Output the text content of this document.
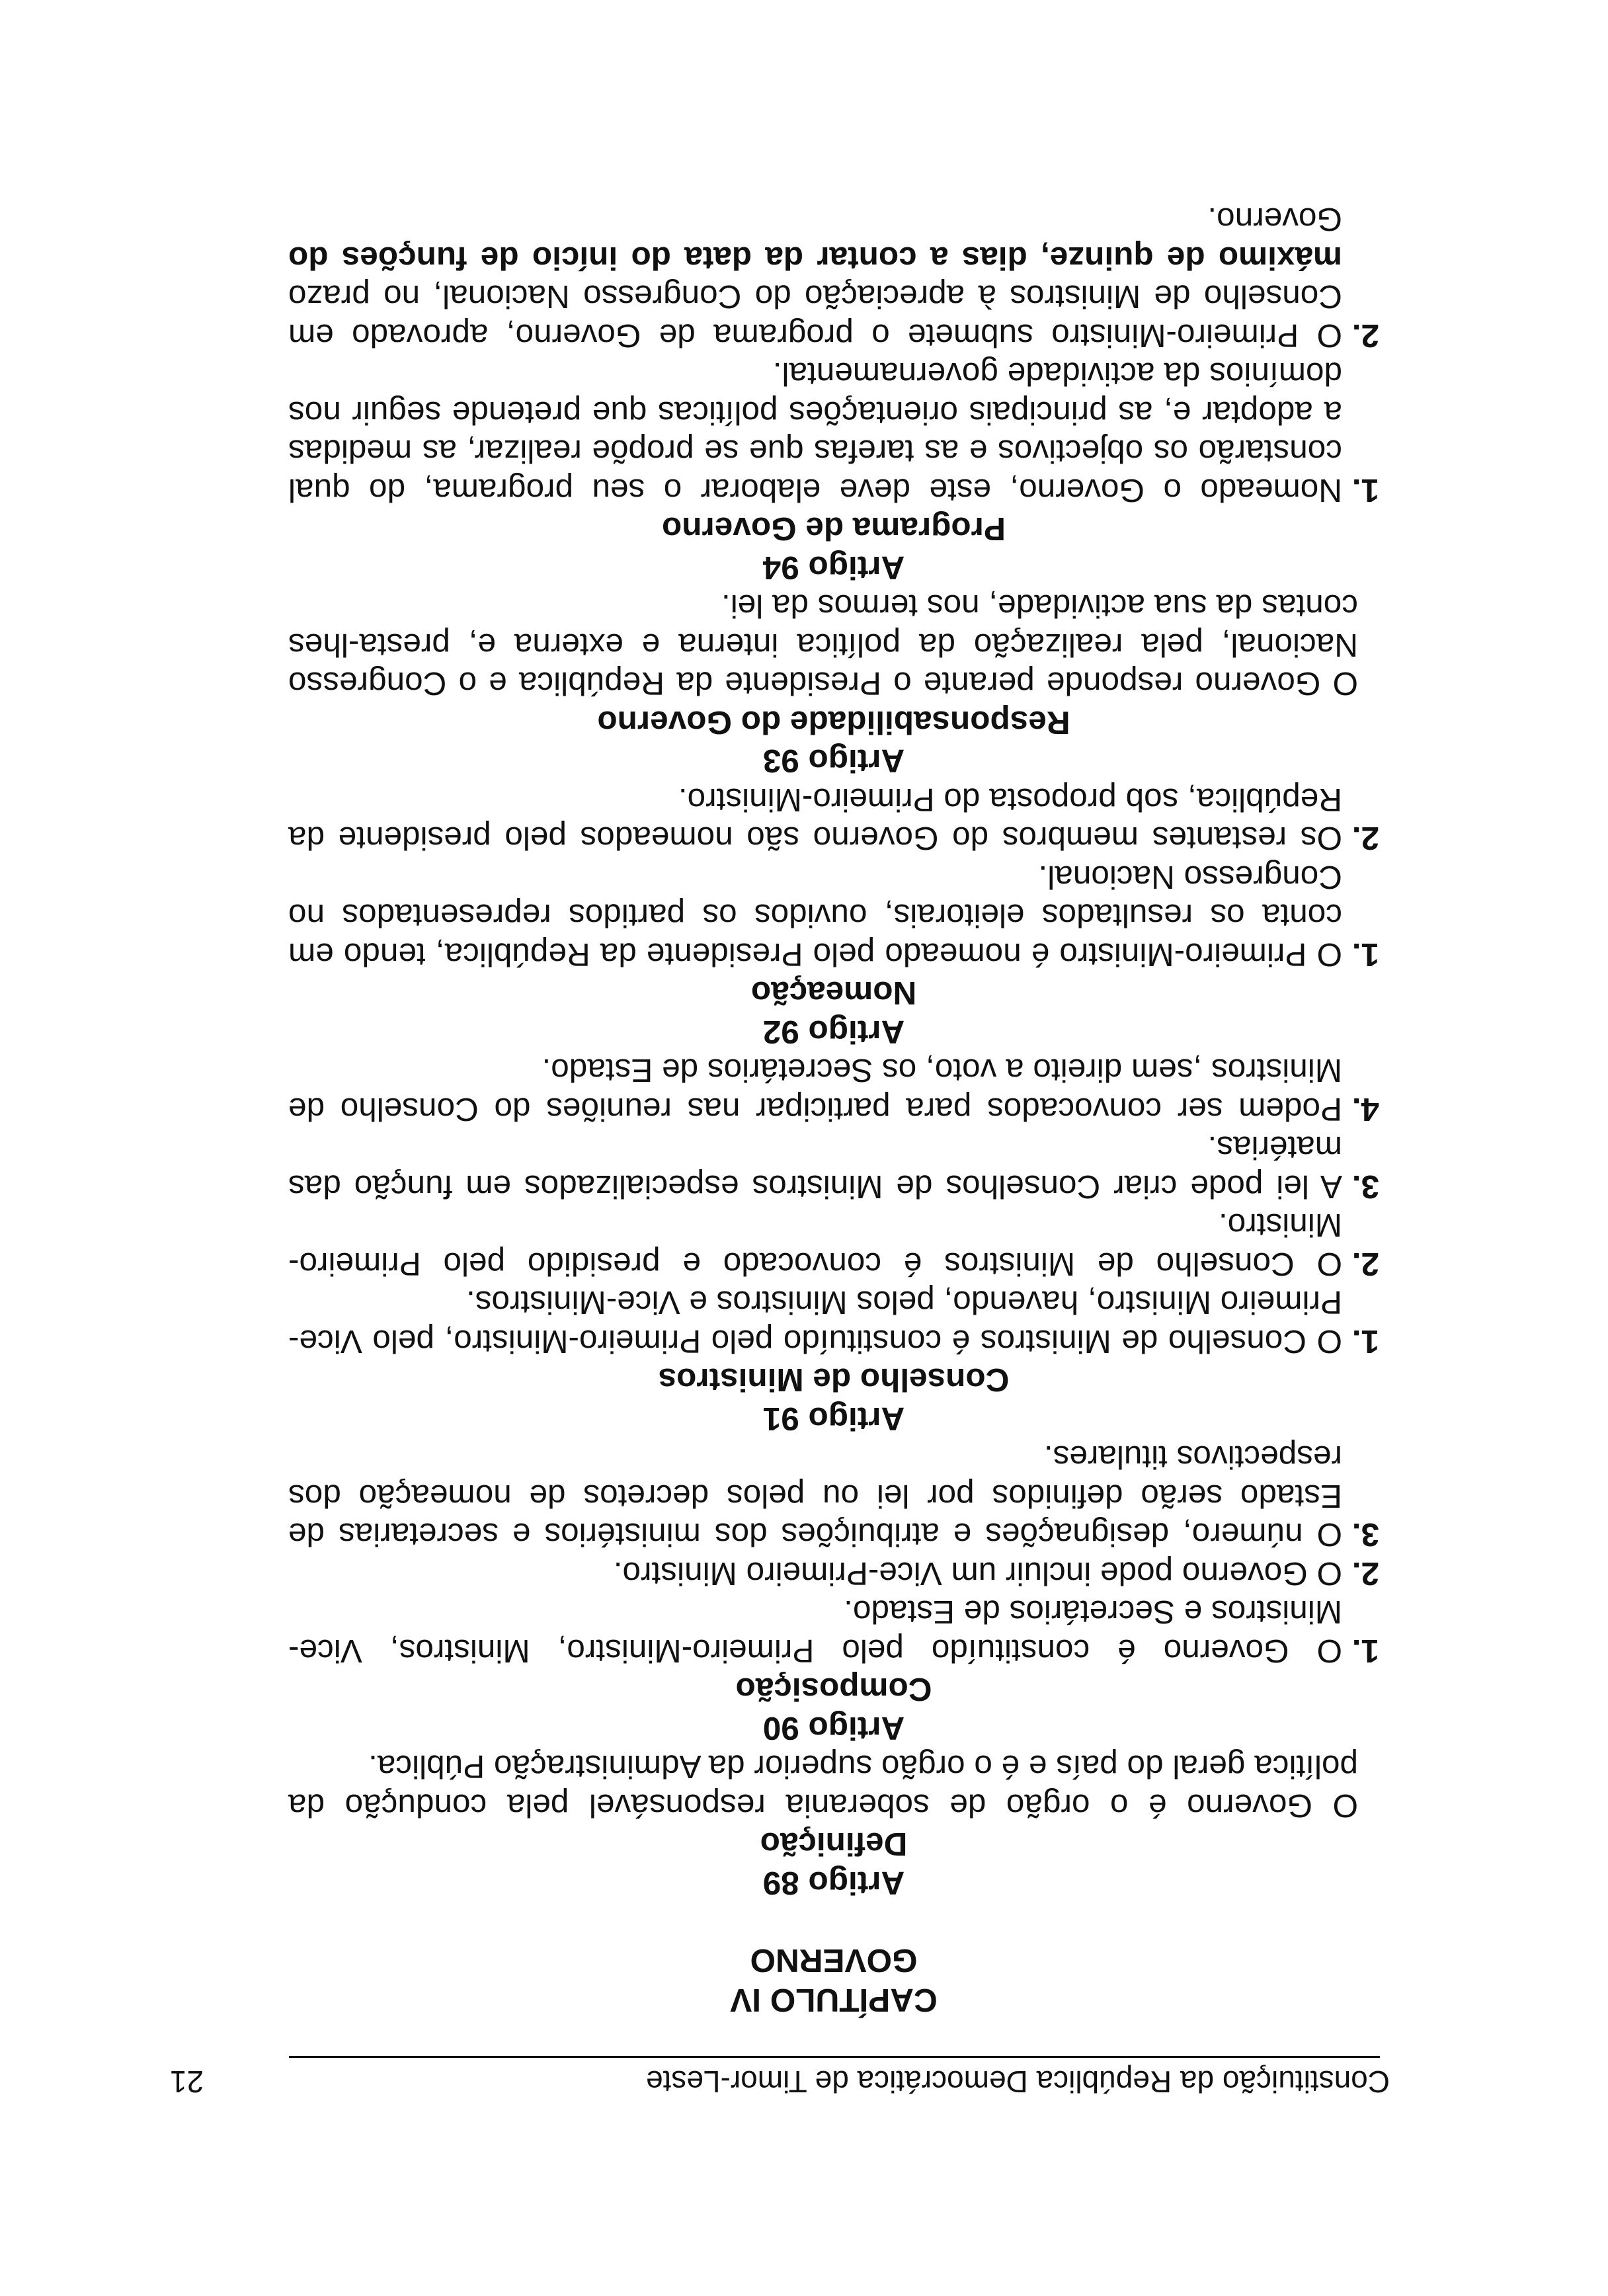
Constituição da República Democrática de Timor-Leste
21
CAPÍTULO IV
GOVERNO
Artigo 89
Definição

O Governo é o orgão de soberania responsável pela condução da política geral do país e é o orgão superior da Administração Pública.

Artigo 90
Composição

1.O Governo é constituído pelo Primeiro-Ministro, Ministros, Vice-Ministros e Secretários de Estado.

2.O Governo pode incluir um Vice-Primeiro Ministro.

3.O número, designações e atribuições dos ministérios e secretarias de Estado serão definidos por lei ou pelos decretos de nomeação dos respectivos titulares.

Artigo 91
Conselho de Ministros

1.O Conselho de Ministros é constituído pelo Primeiro-Ministro, pelo Vice-Primeiro Ministro, havendo, pelos Ministros e Vice-Ministros.

2.O Conselho de Ministros é convocado e presidido pelo Primeiro-Ministro.

3.A lei pode criar Conselhos de Ministros especializados em função das matérias.

4.Podem ser convocados para participar nas reuniões do Conselho de Ministros ,sem direito a voto, os Secretários de Estado.

Artigo 92
Nomeação

1.O Primeiro-Ministro é nomeado pelo Presidente da República, tendo em conta os resultados eleitorais, ouvidos os partidos representados no Congresso Nacional.

2.Os restantes membros do Governo são nomeados pelo presidente da República, sob proposta do Primeiro-Ministro.

Artigo 93
Responsabilidade do Governo

O Governo responde perante o Presidente da República e o Congresso Nacional, pela realização da política interna e externa e, presta-lhes contas da sua actividade, nos termos da lei.

Artigo 94
Programa de Governo

1.Nomeado o Governo, este deve elaborar o seu programa, do qual constarão os objectivos e as tarefas que se propõe realizar, as medidas a adoptar e, as principais orientações políticas que pretende seguir nos domínios da actividade governamental.

2.O Primeiro-Ministro submete o programa de Governo, aprovado em Conselho de Ministros à apreciação do Congresso Nacional, no prazo máximo de quinze, dias a contar da data do início de funções do Governo.
